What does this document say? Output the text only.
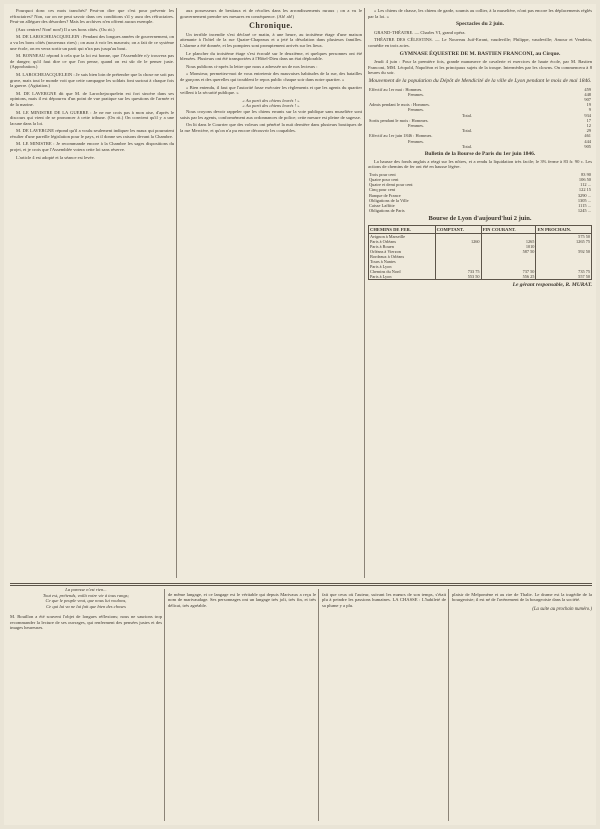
Pourquoi donc ces mots tranchés? Peut-on dire que c'est pour prévenir les réfractaires? Non, car on ne peut savoir dans ces conditions s'il y aura des réfractaires. Peut-on alléguer des désordres? Mais les archives n'en offrent aucun exemple.

(Aux centres! Non! non!) Il a ses bons côtés. (Ou rit.)

M. DE LAROCHEJACQUELEIN : Pendant des longues années de gouvernement, on a vu les bons côtés (nouveaux rires) ; on aura à voir les mauvais; on a fait de ce système une école, on en verra sortir un parti qui n'ira pas jusqu'au bout.

M. BONNEAU répond à cela que la loi est bonne, que l'Assemblée n'y trouvera pas de danger; qu'il faut dire ce que l'on pense, quand on est sûr de le penser juste. (Approbation.)

M. LAROCHEJACQUELEIN : Je suis bien loin de prétendre que la chose ne soit pas grave, mais tout le monde voit que cette campagne les soldats font surtout à chaque fois la guerre. (Agitation.)

M. DE LAVERGNE dit que M. de Larochejacquelein est fort sincère dans ses opinions, mais il est dépourvu d'un point de vue pratique sur les questions de l'armée et de la marine.

M. LE MINISTRE DE LA GUERRE : Je ne me crois pas à mon aise, d'après le discours qui vient de se prononcer à cette tribune. (On rit.) On convient qu'il y a une lacune dans la loi.

M. DE LAVERGNE répond qu'il a voulu seulement indiquer les maux qui pourraient résulter d'une pareille législation pour le pays, et il donne ses raisons devant la Chambre.

M. LE MINISTRE : Je recommande encore à la Chambre les sages dispositions du projet, et je crois que l'Assemblée votera cette loi sans réserve.

L'article 4 est adopté et la séance est levée.

aux possesseurs de bestiaux et de récoltes dans les arrondissements ruraux ; on a vu le gouvernement prendre ses mesures en conséquence. (Ah! ah!)

Chronique.

Un terrible incendie s'est déclaré ce matin, à une heure, au troisième étage d'une maison attenante à l'hôtel de la rue Quatre-Chapeaux et a jeté la désolation dans plusieurs familles. L'alarme a été donnée, et les pompiers sont promptement arrivés sur les lieux.

Le plancher du troisième étage s'est écroulé sur le deuxième, et quelques personnes ont été blessées. Plusieurs ont été transportées à l'Hôtel-Dieu dans un état déplorable.

Nous publions ci-après la lettre que nous a adressée un de nos lecteurs :

« Monsieur, permettez-moi de vous entretenir des mauvaises habitudes de la rue, des batailles de garçons et des querelles qui troublent le repos public chaque soir dans notre quartier. »

« Bien entendu, il faut que l'autorité fasse exécuter les règlements et que les agents du quartier veillent à la sécurité publique. »

« Au parti des chiens leurés ! »
« Au parti des chiens leurés ! »

Nous croyons devoir rappeler que les chiens errants sur la voie publique sans muselière sont saisis par les agents, conformément aux ordonnances de police; cette mesure est pleine de sagesse.

On lit dans le Courrier que des voleurs ont pénétré la nuit dernière dans plusieurs boutiques de la rue Mercière, et qu'on n'a pu encore découvrir les coupables.

« Les chiens de chasse, les chiens de garde, soumis au collier, à la muselière, n'ont pas encore les déplacements réglés par la loi. »

Spectacles du 2 juin.

GRAND-THÉATRE. — Charles VI, grand opéra.

THÉATRE DES CÉLESTINS. — Le Nouveau Juif-Errant, vaudeville; Philippe, vaudeville; Amour et Vendetta, comédie en trois actes.

GYMNASE ÉQUESTRE DE M. BASTIEN FRANCONI, au Cirque.

Jeudi 4 juin : Pour la première fois, grande manœuvre de cavalerie et exercices de haute école, par M. Bastien Franconi, MM. Léopold, Napoléon et les principaux sujets de la troupe. Intermèdes par les clowns. On commencera à 8 heures du soir.

Mouvement de la population du Dépôt de Mendicité de la ville de Lyon pendant le mois de mai 1846.
Effectif au 1er mai : Hommes.	459
Femmes.	448
	907
Admis pendant le mois : Hommes.	19
Femmes.	9
Total.	934
Sortis pendant le mois : Hommes.	17
Femmes.	12
Total.	29
Effectif au 1er juin 1846 : Hommes.	461
Femmes.	444
Total.	905
Bulletin de la Bourse de Paris du 1er juin 1846.

La hausse des fonds anglais a réagi sur les nôtres, et a rendu la liquidation très facile; le 3% ferme à 83 fr. 90 c. Les actions de chemins de fer ont été en hausse légère.

Trois pour cent	83 90
Quatre pour cent	106 50
Quatre et demi pour cent	112 ...
Cinq pour cent	122 15
Banque de France	3290 ...
Obligations de la Ville	1305 ...
Caisse Laffitte	1115 ...
Obligations de Paris	1245 ...
Bourse de Lyon d'aujourd'hui 2 juin.
CHEMINS DE FER.	COMPTANT.	FIN COURANT.	EN PROCHAIN.
Avignon à Marseille			575 50
Paris à Orléans	1260	1265	1265 75
Paris à Rouen		1010	
Orléans à Vierzon		587 50	592 50
Bordeaux à Orléans			
Tours à Nantes			
Paris à Lyon			
Chemins du Nord	733 75	737 50	735 75
Paris à Lyon	553 50	556 25	557 50
Le gérant responsable, R. MURAT.
La paresse n'est rien...
Tout est, prétends, voilà votre vie à tous rangs;
Ce que le peuple veut, que nous lui voulons,
Ce qui lui va ne lui fait que bien des choses

M. Bouillon a été souvent l'objet de longues réflexions; nous ne saurions trop recommander la lecture de ses ouvrages, qui renferment des pensées justes et des images heureuses.

de même langage, et ce langage est le véritable qui depuis Marivaux a reçu le nom de marivaudage. Ses personnages ont un langage très joli, très fin, et très délicat, très agréable.

fait que ceux où l'auteur, suivant les mœurs de son temps, s'était plu à peindre les passions humaines. LA CHASSE : L'habileté de sa plume y a plu.

plaisir de Melpomène et au rire de Thalie. Le drame est la tragédie de la bourgeoisie; il est né de l'avènement de la bourgeoisie dans la société.

(La suite au prochain numéro.)
